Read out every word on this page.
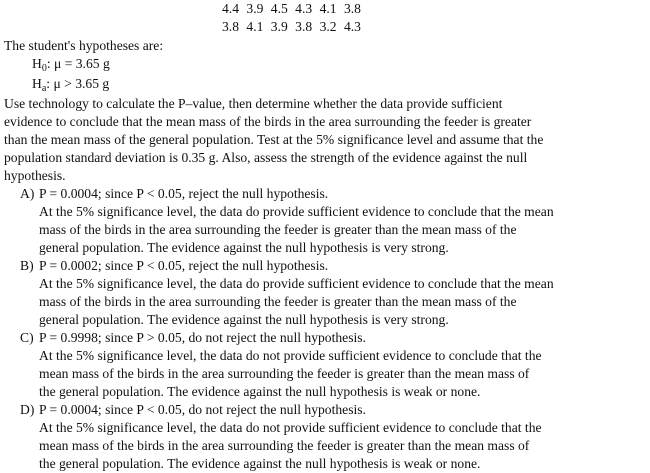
4.4 3.9 4.5 4.3 4.1 3.8
3.8 4.1 3.9 3.8 3.2 4.3
The student's hypotheses are:
$H_0$: μ = 3.65 g
$H_a$: μ > 3.65 g
Use technology to calculate the P–value, then determine whether the data provide sufficient
evidence to conclude that the mean mass of the birds in the area surrounding the feeder is greater
than the mean mass of the general population. Test at the 5% significance level and assume that the
population standard deviation is 0.35 g. Also, assess the strength of the evidence against the null
hypothesis.
A) P = 0.0004; since P < 0.05, reject the null hypothesis.
At the 5% significance level, the data do provide sufficient evidence to conclude that the mean
mass of the birds in the area surrounding the feeder is greater than the mean mass of the
general population. The evidence against the null hypothesis is very strong.
B) P = 0.0002; since P < 0.05, reject the null hypothesis.
At the 5% significance level, the data do provide sufficient evidence to conclude that the mean
mass of the birds in the area surrounding the feeder is greater than the mean mass of the
general population. The evidence against the null hypothesis is very strong.
C) P = 0.9998; since P > 0.05, do not reject the null hypothesis.
At the 5% significance level, the data do not provide sufficient evidence to conclude that the
mean mass of the birds in the area surrounding the feeder is greater than the mean mass of
the general population. The evidence against the null hypothesis is weak or none.
D) P = 0.0004; since P < 0.05, do not reject the null hypothesis.
At the 5% significance level, the data do not provide sufficient evidence to conclude that the
mean mass of the birds in the area surrounding the feeder is greater than the mean mass of
the general population. The evidence against the null hypothesis is weak or none.
